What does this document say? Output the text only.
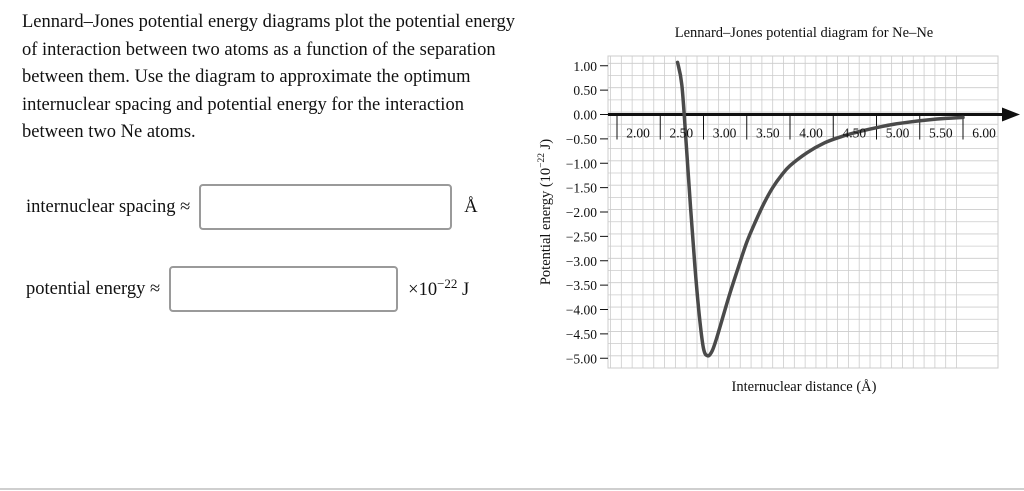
Lennard–Jones potential energy diagrams plot the potential energy of interaction between two atoms as a function of the separation between them. Use the diagram to approximate the optimum internuclear spacing and potential energy for the interaction between two Ne atoms.

internuclear spacing ≈	Å
potential energy ≈	$\times 10^{-22}$ J
1.00
0.50
0.00
−0.50
−1.00
−1.50
−2.00
−2.50
−3.00
−3.50
−4.00
−4.50
−5.00
2.00 2.50 3.00 3.50 4.00 4.50 5.00 5.50 6.00
Lennard–Jones potential diagram for Ne–Ne
Internuclear distance (Å)
Potential energy ($10^{-22}$ J)
